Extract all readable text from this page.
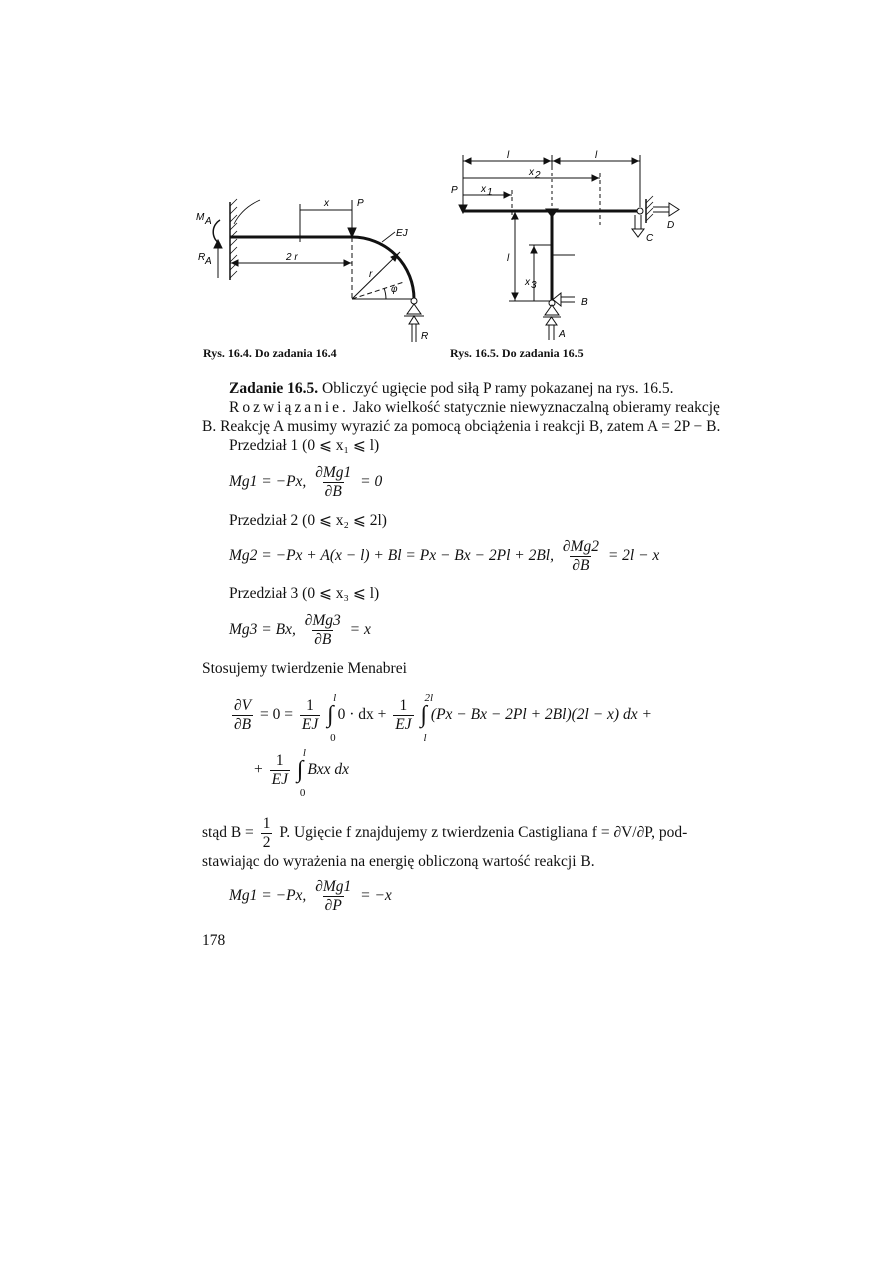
M A
R A
x	P
EJ
2 r
r
φ
R
l	l
x 2
x 1
P
D
C
l
x 3
B
A
Rys. 16.4. Do zadania 16.4	Rys. 16.5. Do zadania 16.5
Zadanie 16.5. Obliczyć ugięcie pod siłą P ramy pokazanej na rys. 16.5.
Rozwiązanie. Jako wielkość statycznie niewyznaczalną obieramy reakcję
B. Reakcję A musimy wyrazić za pomocą obciążenia i reakcji B, zatem A = 2P − B.
Przedział 1 (0 ⩽ x₁ ⩽ l)
Mg1 = −Px, $\frac{\partial Mg1}{\partial B} = 0$
Przedział 2 (0 ⩽ x₂ ⩽ 2l)
Mg2 = −Px + A(x − l) + Bl = Px − Bx − 2Pl + 2Bl, $\frac{\partial Mg2}{\partial B} = 2l - x$
Przedział 3 (0 ⩽ x₃ ⩽ l)
Mg3 = Bx, $\frac{\partial Mg3}{\partial B} = x$
Stosujemy twierdzenie Menabrei
$\frac{\partial V}{\partial B} = 0 = \frac{1}{EJ}$ ∫
l
0
0 · dx + $\frac{1}{EJ}$ ∫
2l
l
(Px − Bx − 2Pl + 2Bl)(2l − x) dx +
+ $\frac{1}{EJ}$ ∫
l
0
Bxx dx
stąd $B = \frac{1}{2} P$. Ugięcie f znajdujemy z twierdzenia Castigliana f = ∂V/∂P, pod-
stawiając do wyrażenia na energię obliczoną wartość reakcji B.
Mg1 = −Px, $\frac{\partial Mg1}{\partial P} = -x$
178
